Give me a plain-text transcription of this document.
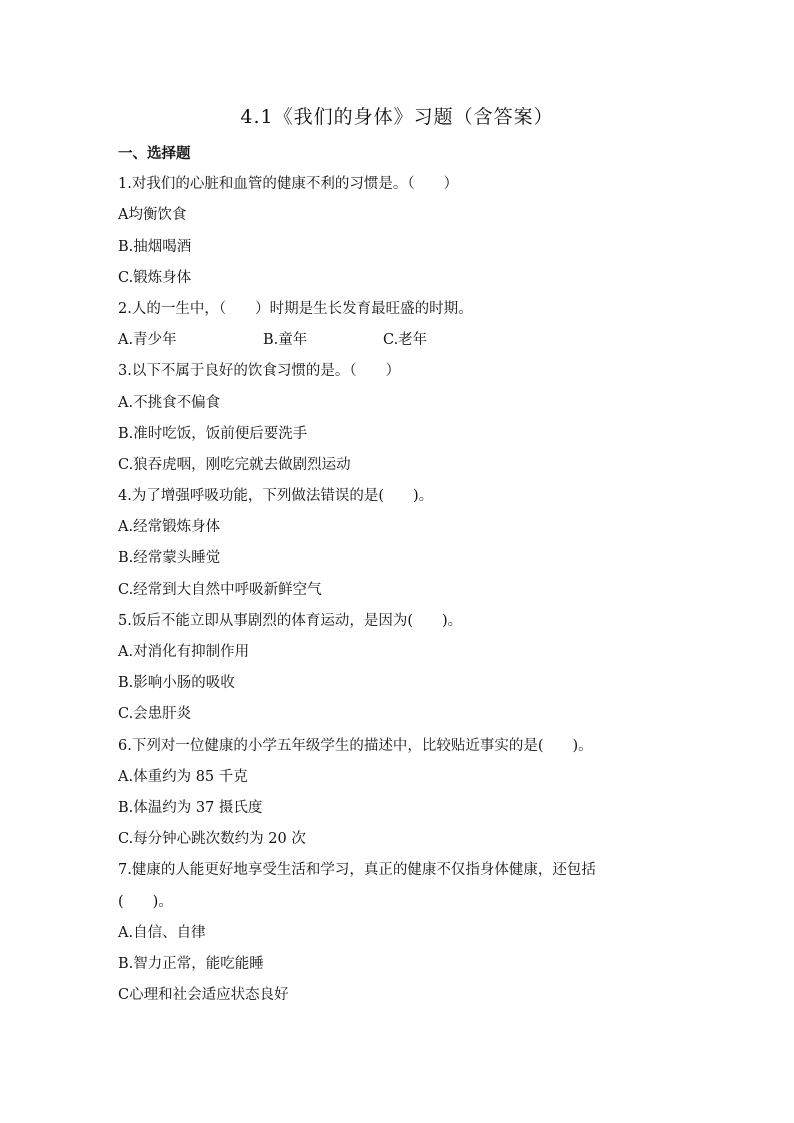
4.1《我们的身体》习题（含答案）
一、选择题
1.对我们的心脏和血管的健康不利的习惯是。（　　）
A均衡饮食
B.抽烟喝酒
C.锻炼身体
2.人的一生中，（　　）时期是生长发育最旺盛的时期。
A.青少年	B.童年	C.老年
3.以下不属于良好的饮食习惯的是。（　　）
A.不挑食不偏食
B.准时吃饭，饭前便后要洗手
C.狼吞虎咽，刚吃完就去做剧烈运动
4.为了增强呼吸功能，下列做法错误的是(　　)。
A.经常锻炼身体
B.经常蒙头睡觉
C.经常到大自然中呼吸新鲜空气
5.饭后不能立即从事剧烈的体育运动，是因为(　　)。
A.对消化有抑制作用
B.影响小肠的吸收
C.会患肝炎
6.下列对一位健康的小学五年级学生的描述中，比较贴近事实的是(　　)。
A.体重约为 85 千克
B.体温约为 37 摄氏度
C.每分钟心跳次数约为 20 次
7.健康的人能更好地享受生活和学习，真正的健康不仅指身体健康，还包括
(　　)。
A.自信、自律
B.智力正常，能吃能睡
C心理和社会适应状态良好
